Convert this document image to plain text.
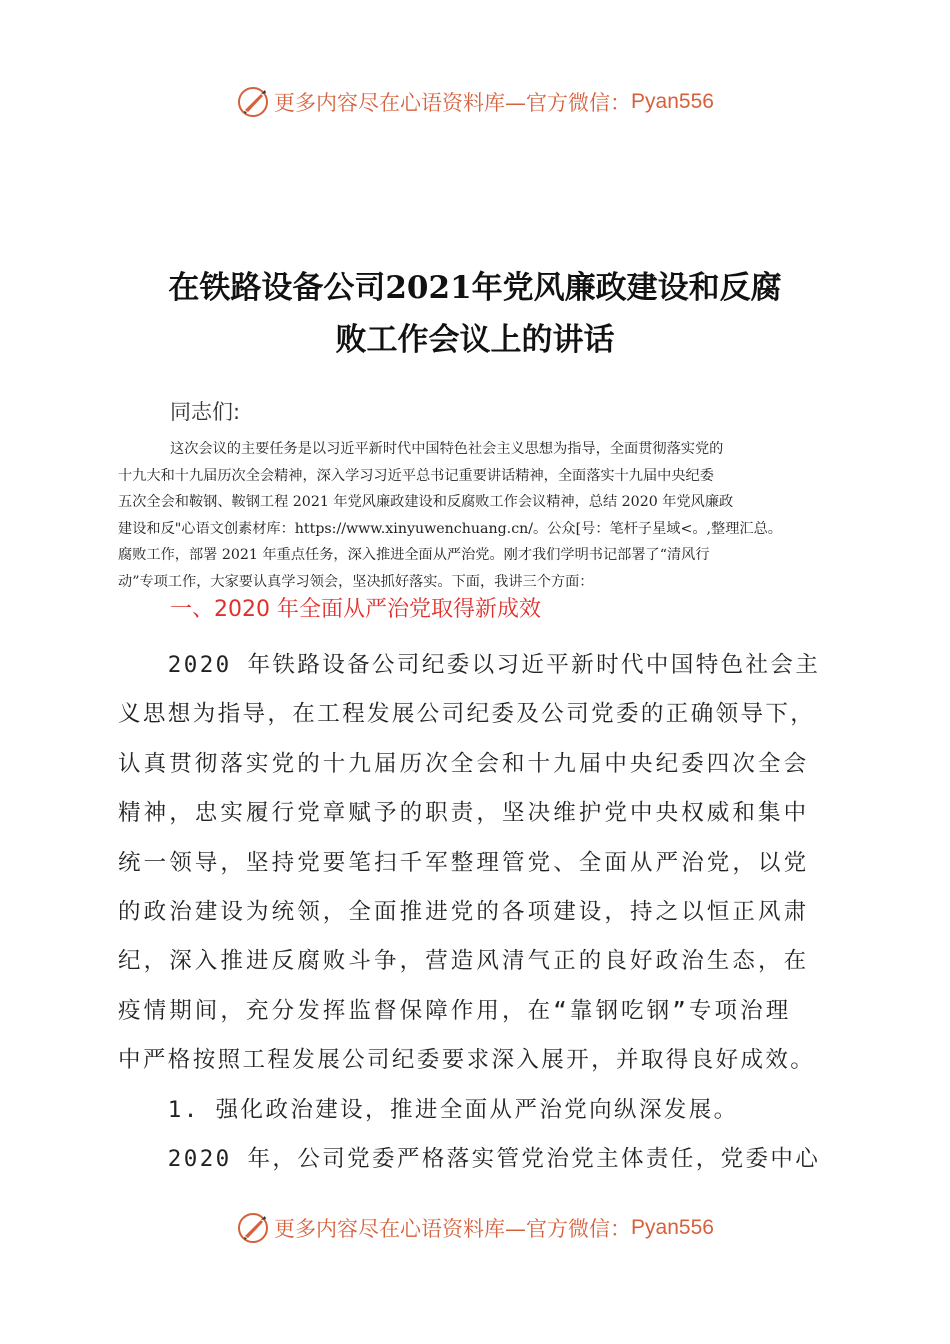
更多内容尽在心语资料库—官方微信： Pyan556
在铁路设备公司2021年党风廉政建设和反腐
败工作会议上的讲话
同志们:
这次会议的主要任务是以习近平新时代中国特色社会主义思想为指导，全面贯彻落实党的
十九大和十九届历次全会精神，深入学习习近平总书记重要讲话精神，全面落实十九届中央纪委
五次全会和鞍钢、鞍钢工程 2021 年党风廉政建设和反腐败工作会议精神，总结 2020 年党风廉政
建设和反"心语文创素材库：https://www.xinyuwenchuang.cn/。公众[号：笔杆子星域<。,整理汇总。
腐败工作，部署 2021 年重点任务，深入推进全面从严治党。刚才我们学明书记部署了“清风行
动”专项工作，大家要认真学习领会，坚决抓好落实。下面，我讲三个方面：
一、2020 年全面从严治党取得新成效
　　2020 年铁路设备公司纪委以习近平新时代中国特色社会主
义思想为指导，在工程发展公司纪委及公司党委的正确领导下，
认真贯彻落实党的十九届历次全会和十九届中央纪委四次全会
精神，忠实履行党章赋予的职责，坚决维护党中央权威和集中
统一领导，坚持党要笔扫千军整理管党、全面从严治党，以党
的政治建设为统领，全面推进党的各项建设，持之以恒正风肃
纪，深入推进反腐败斗争，营造风清气正的良好政治生态，在
疫情期间，充分发挥监督保障作用，在“靠钢吃钢”专项治理
中严格按照工程发展公司纪委要求深入展开，并取得良好成效。
　　1. 强化政治建设，推进全面从严治党向纵深发展。
　　2020 年，公司党委严格落实管党治党主体责任，党委中心
更多内容尽在心语资料库—官方微信： Pyan556
